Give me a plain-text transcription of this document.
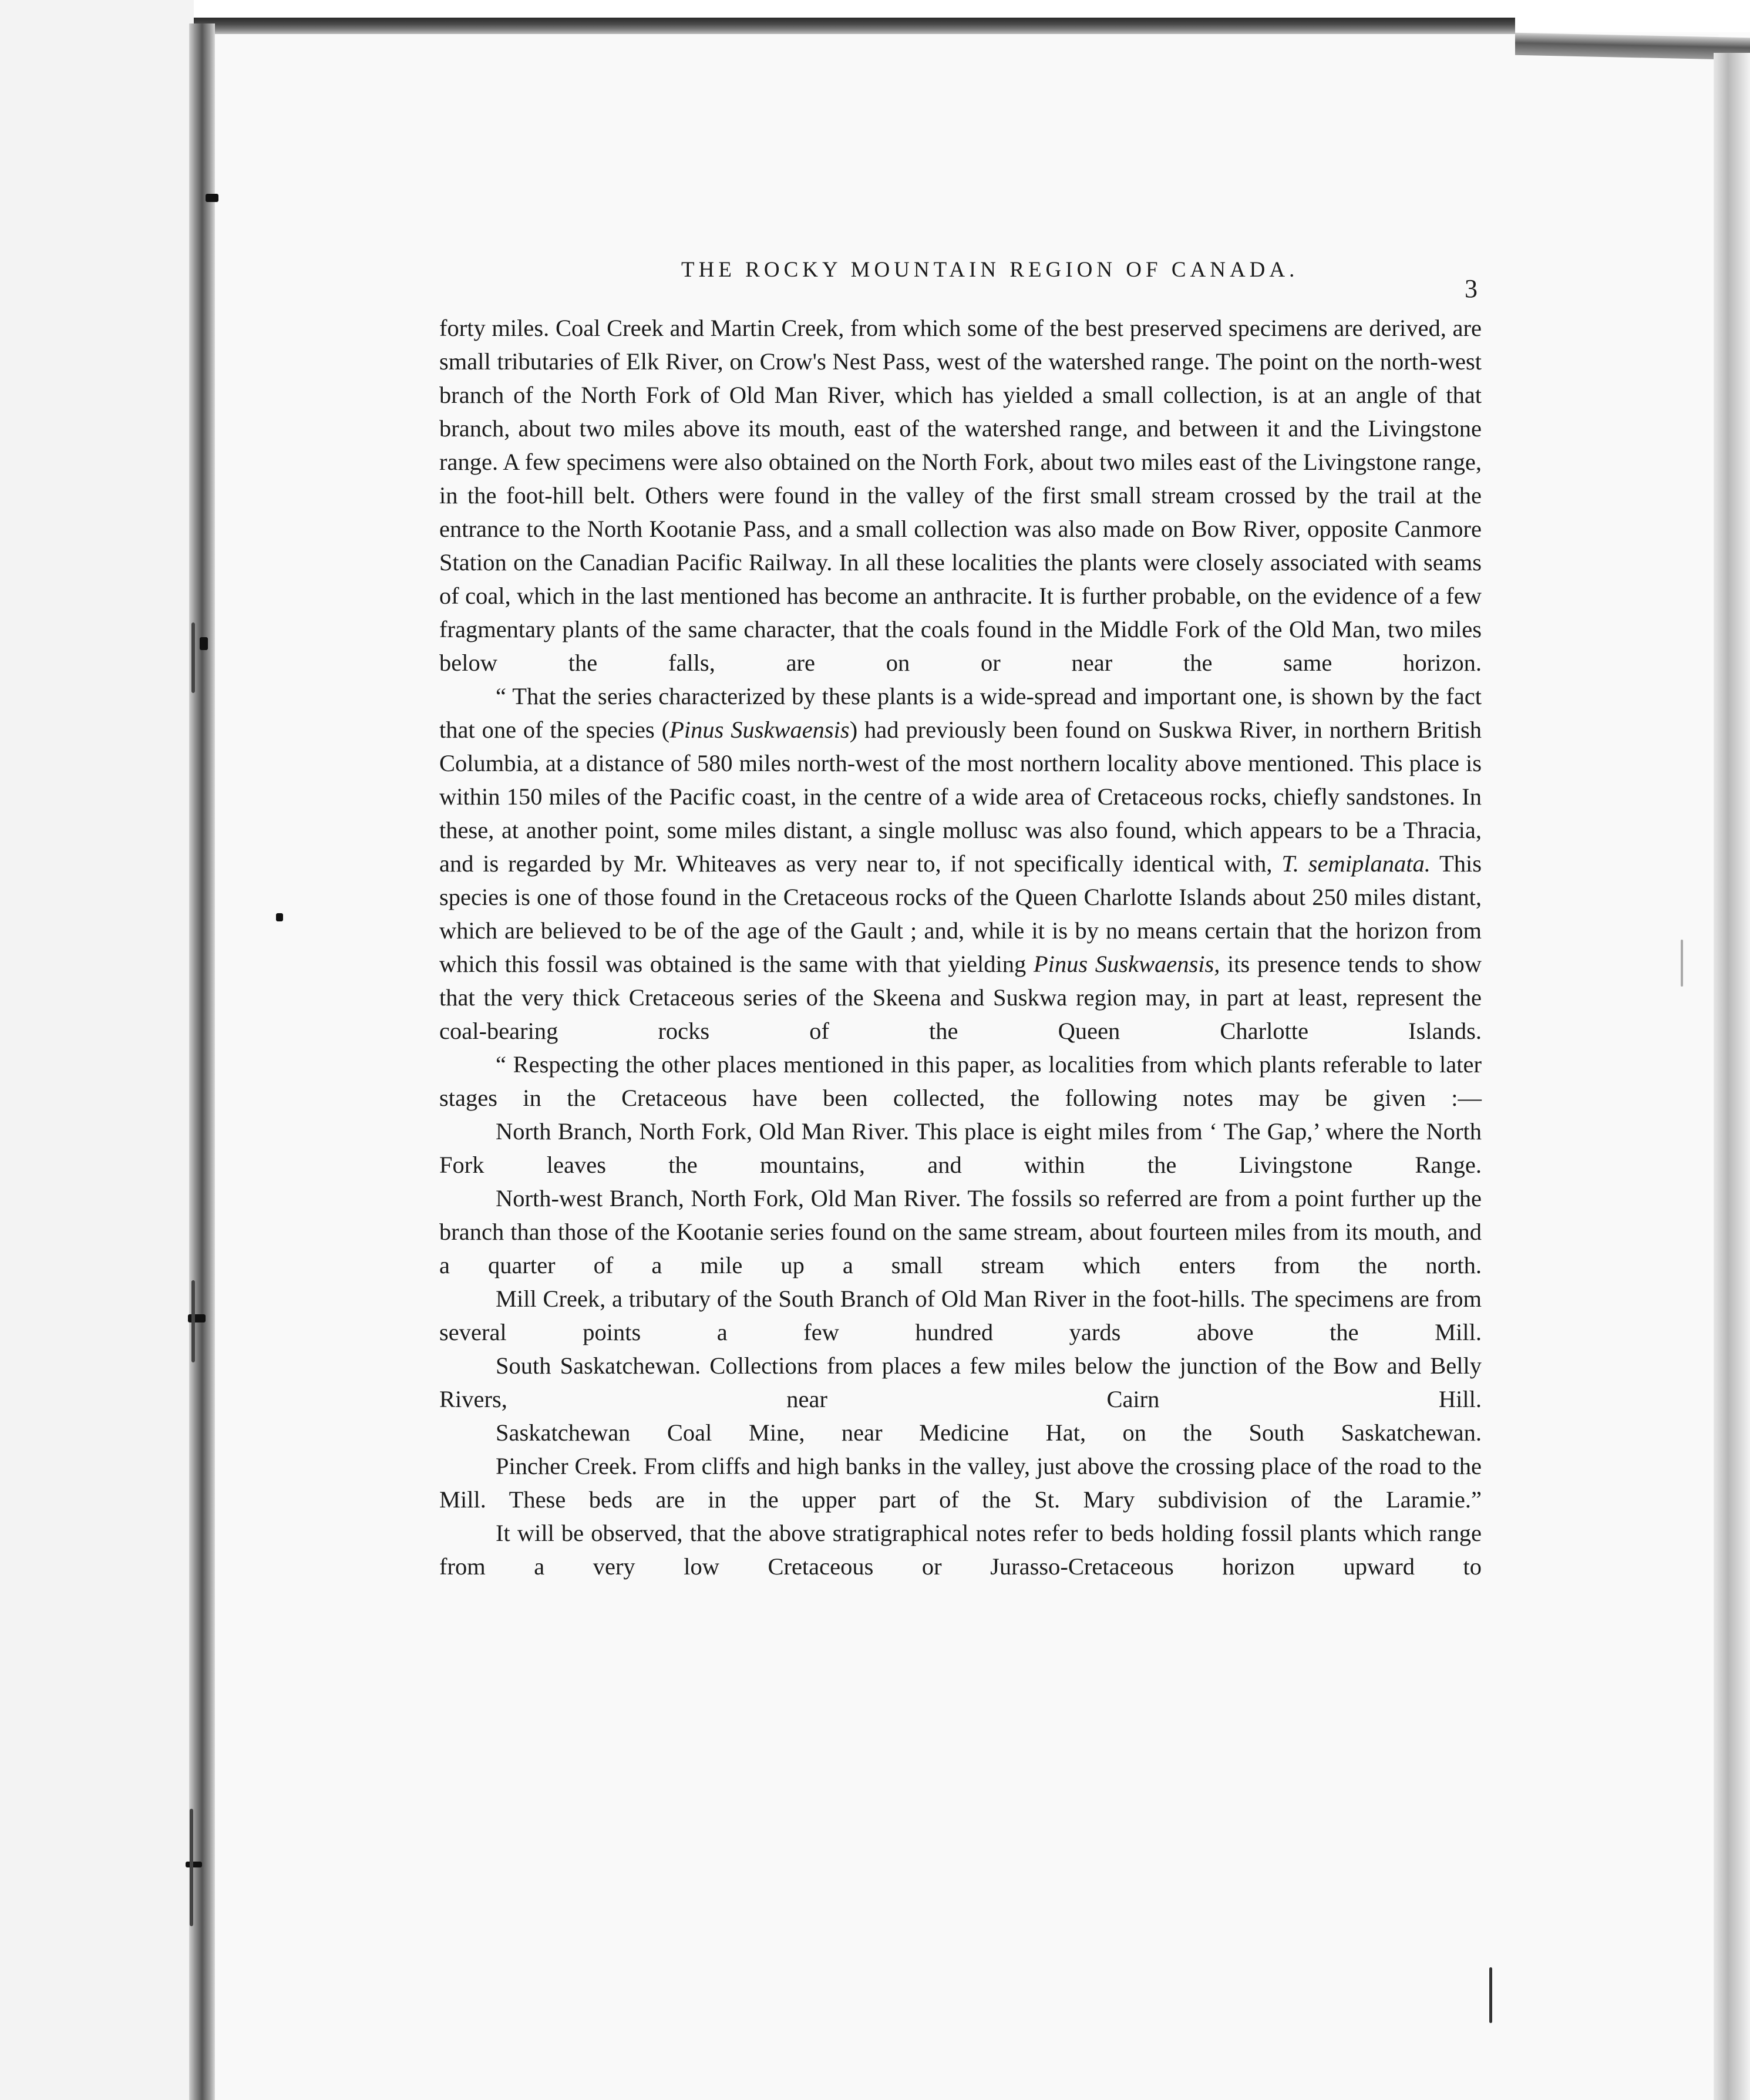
THE ROCKY MOUNTAIN REGION OF CANADA.
3

forty miles. Coal Creek and Martin Creek, from which some of the best preserved specimens are derived, are small tributaries of Elk River, on Crow's Nest Pass, west of the watershed range. The point on the north-west branch of the North Fork of Old Man River, which has yielded a small collection, is at an angle of that branch, about two miles above its mouth, east of the watershed range, and between it and the Livingstone range. A few specimens were also obtained on the North Fork, about two miles east of the Livingstone range, in the foot-hill belt. Others were found in the valley of the first small stream crossed by the trail at the entrance to the North Kootanie Pass, and a small collection was also made on Bow River, opposite Canmore Station on the Canadian Pacific Railway. In all these localities the plants were closely associated with seams of coal, which in the last mentioned has become an anthracite. It is further probable, on the evidence of a few fragmentary plants of the same character, that the coals found in the Middle Fork of the Old Man, two miles below the falls, are on or near the same horizon.

“ That the series characterized by these plants is a wide-spread and important one, is shown by the fact that one of the species (Pinus Suskwaensis) had previously been found on Suskwa River, in northern British Columbia, at a distance of 580 miles north-west of the most northern locality above mentioned. This place is within 150 miles of the Pacific coast, in the centre of a wide area of Cretaceous rocks, chiefly sandstones. In these, at another point, some miles distant, a single mollusc was also found, which appears to be a Thracia, and is regarded by Mr. Whiteaves as very near to, if not specifically identical with, T. semiplanata. This species is one of those found in the Cretaceous rocks of the Queen Charlotte Islands about 250 miles distant, which are believed to be of the age of the Gault ; and, while it is by no means certain that the horizon from which this fossil was obtained is the same with that yielding Pinus Suskwaensis, its presence tends to show that the very thick Cretaceous series of the Skeena and Suskwa region may, in part at least, represent the coal-bearing rocks of the Queen Charlotte Islands.

“ Respecting the other places mentioned in this paper, as localities from which plants referable to later stages in the Cretaceous have been collected, the following notes may be given :—

North Branch, North Fork, Old Man River. This place is eight miles from ‘ The Gap,’ where the North Fork leaves the mountains, and within the Livingstone Range.

North-west Branch, North Fork, Old Man River. The fossils so referred are from a point further up the branch than those of the Kootanie series found on the same stream, about fourteen miles from its mouth, and a quarter of a mile up a small stream which enters from the north.

Mill Creek, a tributary of the South Branch of Old Man River in the foot-hills. The specimens are from several points a few hundred yards above the Mill.

South Saskatchewan. Collections from places a few miles below the junction of the Bow and Belly Rivers, near Cairn Hill.

Saskatchewan Coal Mine, near Medicine Hat, on the South Saskatchewan.

Pincher Creek. From cliffs and high banks in the valley, just above the crossing place of the road to the Mill. These beds are in the upper part of the St. Mary subdivision of the Laramie.”

It will be observed, that the above stratigraphical notes refer to beds holding fossil plants which range from a very low Cretaceous or Jurasso-Cretaceous horizon upward to
